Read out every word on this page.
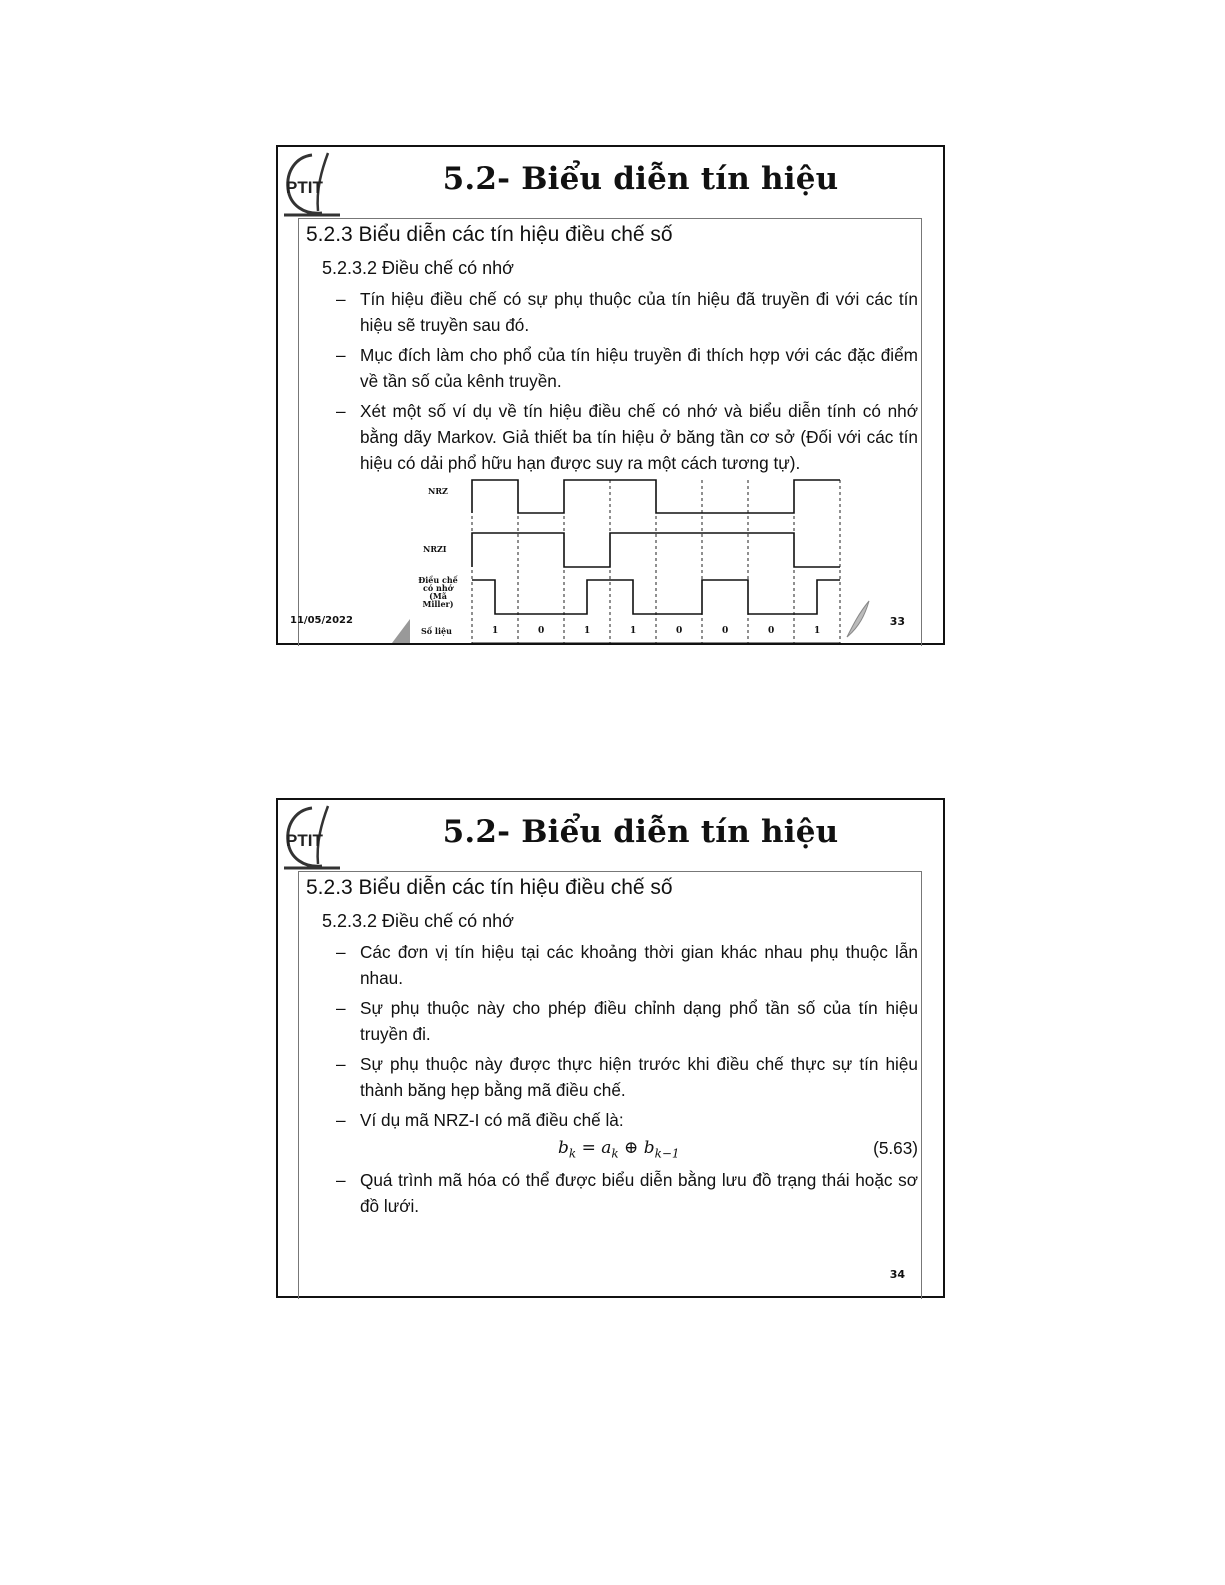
PTIT	5.2- Biểu diễn tín hiệu
5.2.3 Biểu diễn các tín hiệu điều chế số
5.2.3.2 Điều chế có nhớ
– Tín hiệu điều chế có sự phụ thuộc của tín hiệu đã truyền đi với các tín hiệu sẽ truyền sau đó.
– Mục đích làm cho phổ của tín hiệu truyền đi thích hợp với các đặc điểm về tần số của kênh truyền.
– Xét một số ví dụ về tín hiệu điều chế có nhớ và biểu diễn tính có nhớ bằng dãy Markov. Giả thiết ba tín hiệu ở băng tần cơ sở (Đối với các tín hiệu có dải phổ hữu hạn được suy ra một cách tương tự).
NRZ
NRZI
Điều chế
có nhớ
(Mã Miller)
Số liệu	1	0	1	1	0	0	0	1
11/05/2022	33
PTIT	5.2- Biểu diễn tín hiệu
5.2.3 Biểu diễn các tín hiệu điều chế số
5.2.3.2 Điều chế có nhớ
– Các đơn vị tín hiệu tại các khoảng thời gian khác nhau phụ thuộc lẫn nhau.
– Sự phụ thuộc này cho phép điều chỉnh dạng phổ tần số của tín hiệu truyền đi.
– Sự phụ thuộc này được thực hiện trước khi điều chế thực sự tín hiệu thành băng hẹp bằng mã điều chế.
– Ví dụ mã NRZ-I có mã điều chế là:
$b_k = a_k$ ⊕ $b_{k-1}$	(5.63)
– Quá trình mã hóa có thể được biểu diễn bằng lưu đồ trạng thái hoặc sơ đồ lưới.
34
